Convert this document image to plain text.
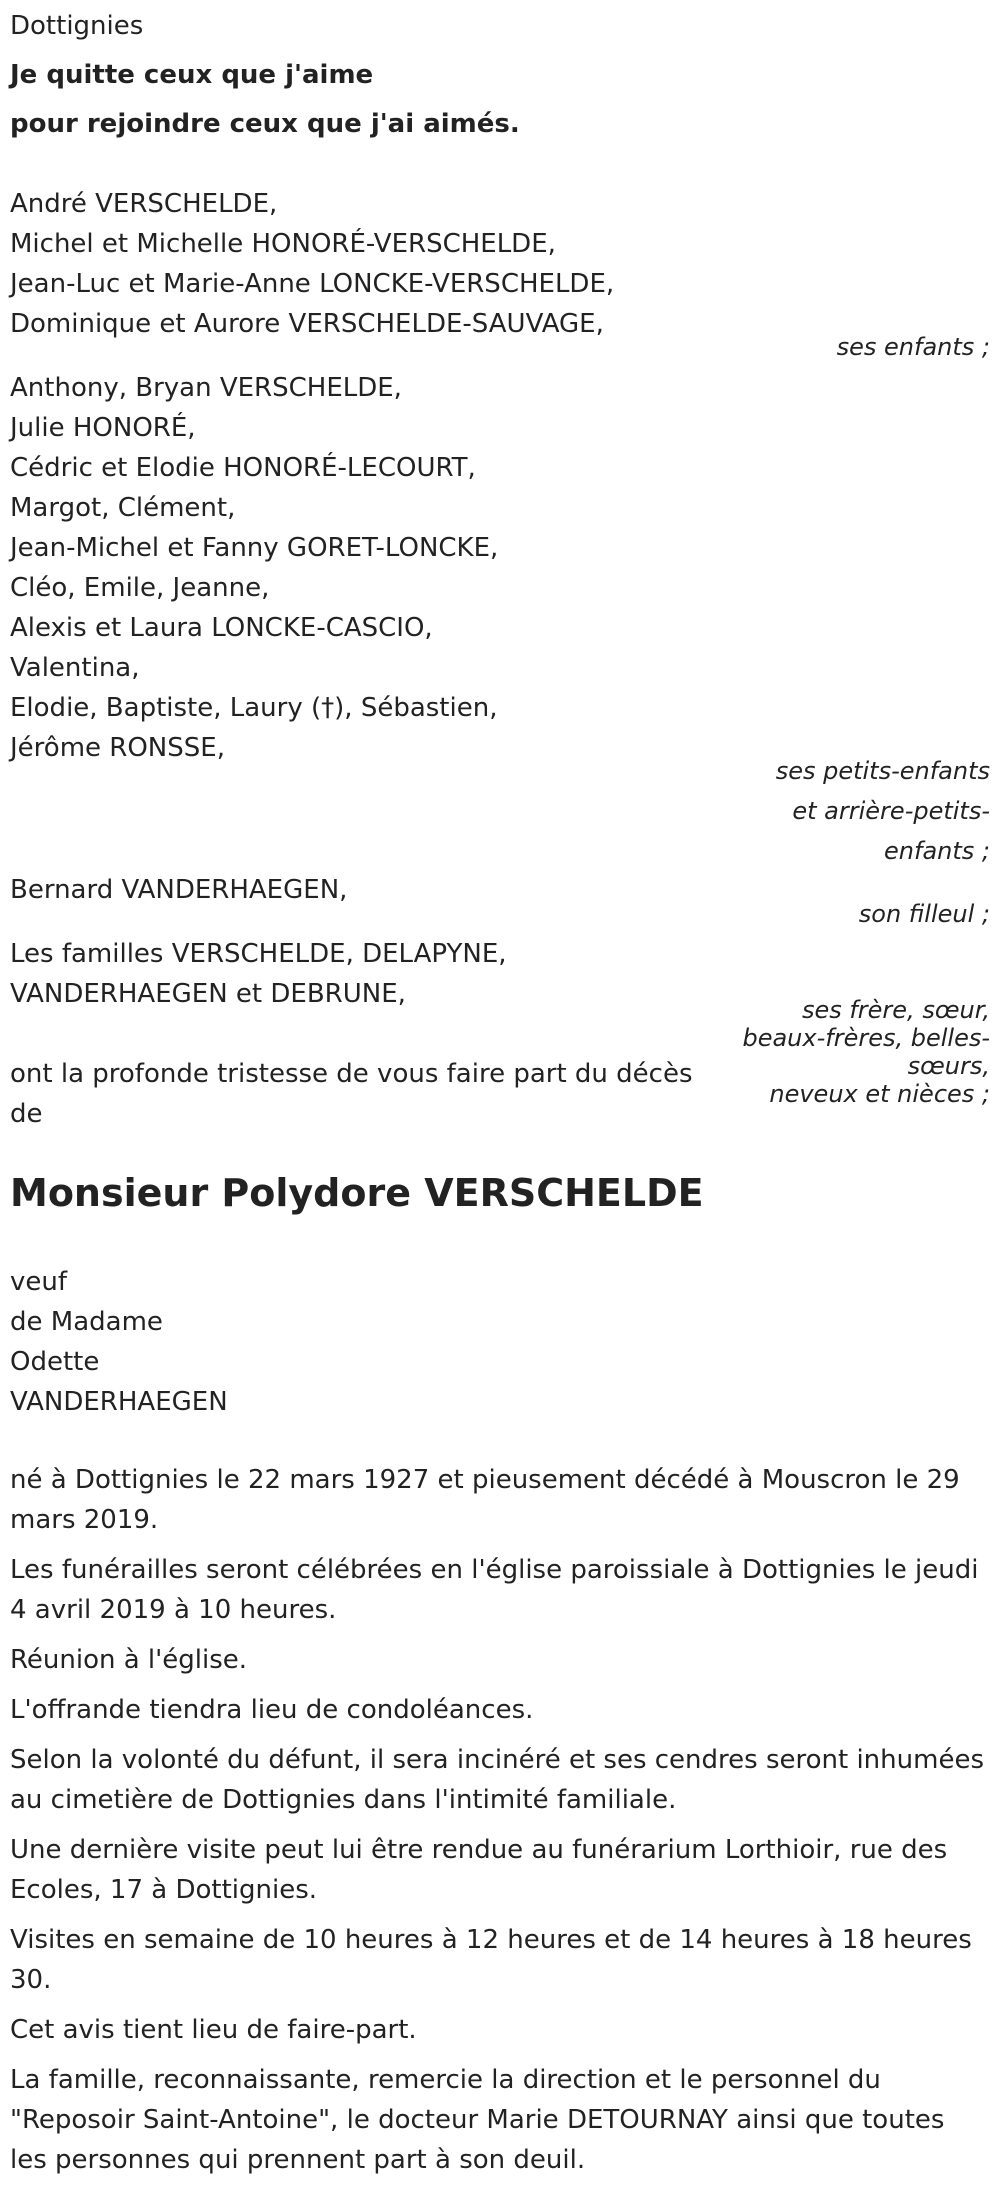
Dottignies
Je quitte ceux que j'aime
pour rejoindre ceux que j'ai aimés.
André VERSCHELDE,
Michel et Michelle HONORÉ-VERSCHELDE,
Jean-Luc et Marie-Anne LONCKE-VERSCHELDE,
Dominique et Aurore VERSCHELDE-SAUVAGE,
ses enfants ;
Anthony, Bryan VERSCHELDE,
Julie HONORÉ,
Cédric et Elodie HONORÉ-LECOURT,
Margot, Clément,
Jean-Michel et Fanny GORET-LONCKE,
Cléo, Emile, Jeanne,
Alexis et Laura LONCKE-CASCIO,
Valentina,
Elodie, Baptiste, Laury (†), Sébastien,
Jérôme RONSSE,
ses petits-enfants
et arrière-petits-
enfants ;
Bernard VANDERHAEGEN,
son filleul ;
Les familles VERSCHELDE, DELAPYNE,
VANDERHAEGEN et DEBRUNE,
ses frère, sœur,
beaux-frères, belles-
sœurs,
neveux et nièces ;
ont la profonde tristesse de vous faire part du décès
de
Monsieur Polydore VERSCHELDE
veuf
de Madame
Odette
VANDERHAEGEN
né à Dottignies le 22 mars 1927 et pieusement décédé à Mouscron le 29 mars 2019.
Les funérailles seront célébrées en l'église paroissiale à Dottignies le jeudi 4 avril 2019 à 10 heures.
Réunion à l'église.
L'offrande tiendra lieu de condoléances.
Selon la volonté du défunt, il sera incinéré et ses cendres seront inhumées au cimetière de Dottignies dans l'intimité familiale.
Une dernière visite peut lui être rendue au funérarium Lorthioir, rue des Ecoles, 17 à Dottignies.
Visites en semaine de 10 heures à 12 heures et de 14 heures à 18 heures 30.
Cet avis tient lieu de faire-part.
La famille, reconnaissante, remercie la direction et le personnel du "Reposoir Saint-Antoine", le docteur Marie DETOURNAY ainsi que toutes les personnes qui prennent part à son deuil.
